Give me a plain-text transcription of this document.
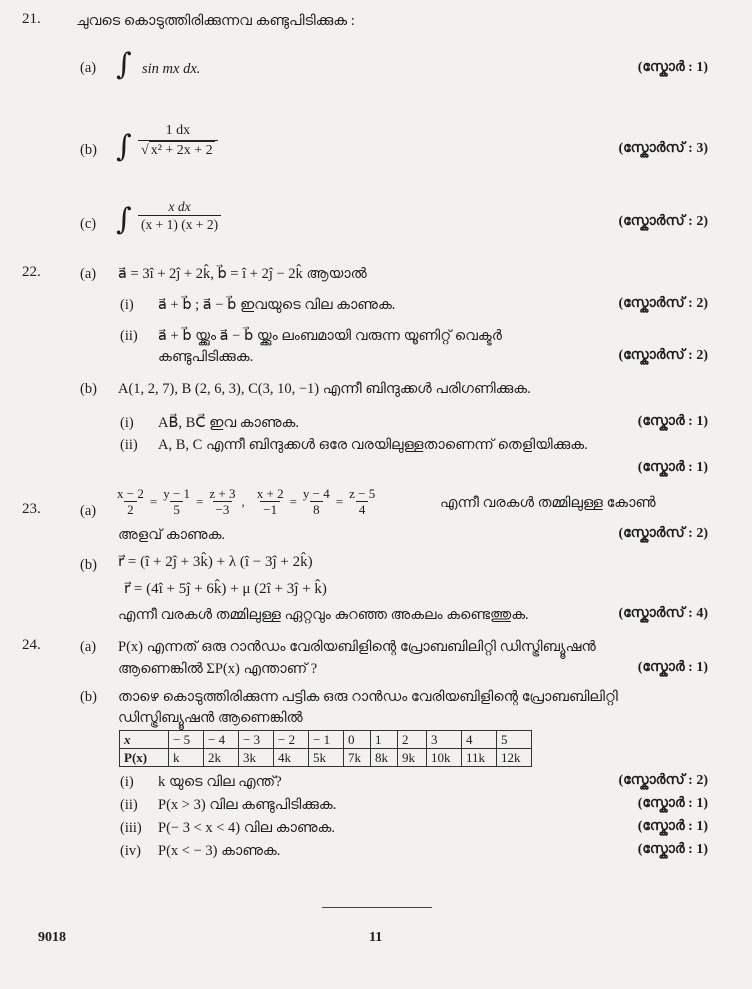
21. ചുവടെ കൊടുത്തിരിക്കുന്നവ കണ്ടുപിടിക്കുക :
(a) ∫ sin mx dx.	(സ്കോർ : 1)
(b) ∫ $\frac{1 dx}{\text{√ x² + 2x + 2}}$	(സ്കോർസ് : 3)
(c) ∫ $\frac{\text{x dx}}{(x + 1) (x + 2)}$	(സ്കോർസ് : 2)
22.	(a) a⃗ = 3î + 2ĵ + 2k̂, b⃗ = î + 2ĵ − 2k̂ ആയാൽ
(i) a⃗ + b⃗ ; a⃗ − b⃗ ഇവയുടെ വില കാണുക.	(സ്കോർസ് : 2)
(ii) a⃗ + b⃗ യ്ക്കും a⃗ − b⃗ യ്ക്കും ലംബമായി വരുന്ന യൂണിറ്റ് വെക്ടർ
കണ്ടുപിടിക്കുക.	(സ്കോർസ് : 2)
(b) A(1, 2, 7), B (2, 6, 3), C(3, 10, −1) എന്നീ ബിന്ദുക്കൾ പരിഗണിക്കുക.
(i) AB⃗, BC⃗ ഇവ കാണുക.	(സ്കോർ : 1)
(ii) A, B, C എന്നീ ബിന്ദുക്കൾ ഒരേ വരയിലുള്ളതാണെന്ന് തെളിയിക്കുക.
(സ്കോർ : 1)
23.	$(a) \frac{x - 2}{2} = \frac{y - 1}{5} = \frac{z + 3}{-3}$ , $\frac{x + 2}{-1} = \frac{y - 4}{8} = \frac{z - 5}{4}$	എന്നീ വരകൾ തമ്മിലുള്ള കോൺ
അളവ് കാണുക.	(സ്കോർസ് : 2)
(b) r⃗ = (î + 2ĵ + 3k̂) + λ (î − 3ĵ + 2k̂)
r⃗ = (4î + 5ĵ + 6k̂) + μ (2î + 3ĵ + k̂)
എന്നീ വരകൾ തമ്മിലുള്ള ഏറ്റവും കുറഞ്ഞ അകലം കണ്ടെത്തുക.	(സ്കോർസ് : 4)
24.	(a) P(x) എന്നത് ഒരു റാൻഡം വേരിയബിളിന്റെ പ്രോബബിലിറ്റി ഡിസ്ട്രിബ്യൂഷൻ
ആണെങ്കിൽ ΣP(x) എന്താണ് ?	(സ്കോർ : 1)
(b) താഴെ കൊടുത്തിരിക്കുന്ന പട്ടിക ഒരു റാൻഡം വേരിയബിളിന്റെ പ്രോബബിലിറ്റി
ഡിസ്ട്രിബ്യൂഷൻ ആണെങ്കിൽ
x	− 5	− 4	− 3	− 2	− 1	0	1	2	3	4	5
P(x)	k	2k	3k	4k	5k	7k	8k	9k	10k	11k	12k
(i) k യുടെ വില എന്ത്?	(സ്കോർസ് : 2)
(ii) P(x > 3) വില കണ്ടുപിടിക്കുക.	(സ്കോർ : 1)
(iii) P(− 3 < x < 4) വില കാണുക.	(സ്കോർ : 1)
(iv) P(x < − 3) കാണുക.	(സ്കോർ : 1)
9018	11
